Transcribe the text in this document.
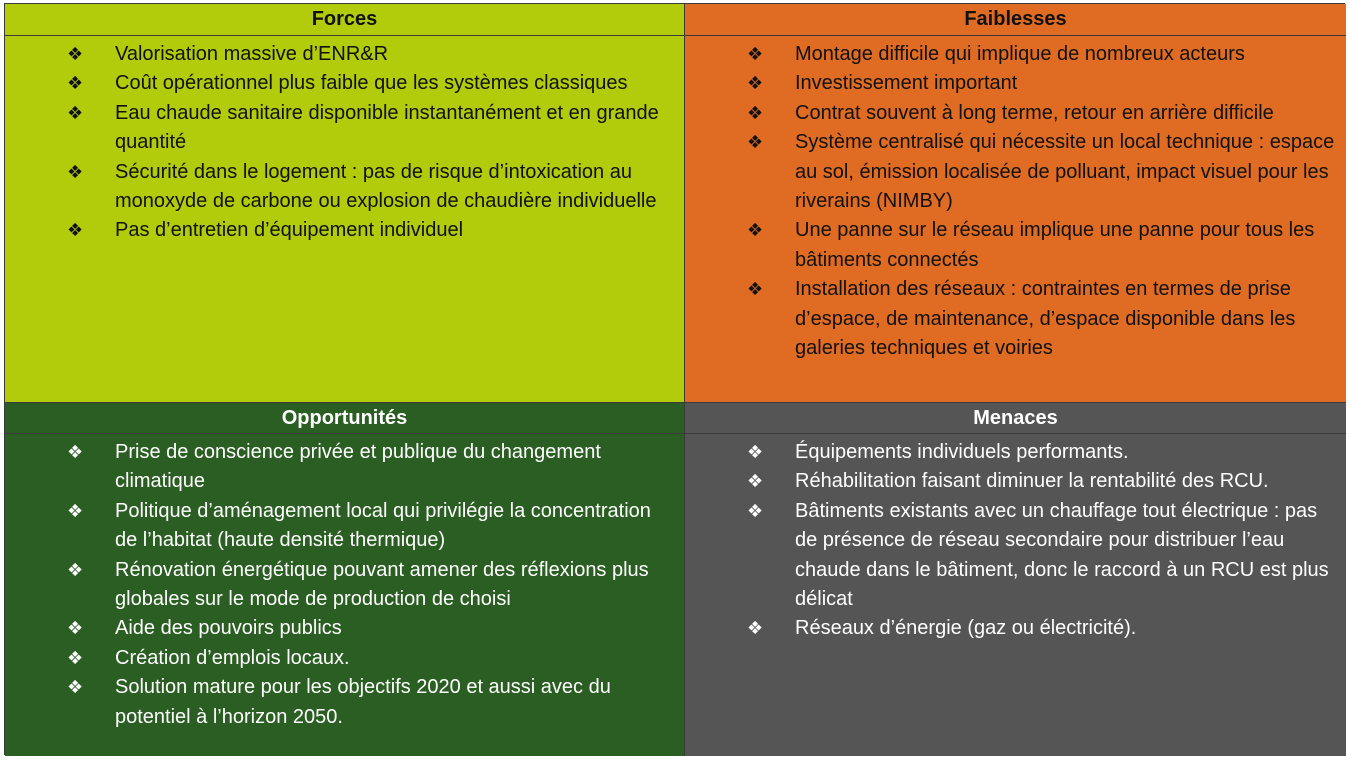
Forces	Faiblesses
❖ Valorisation massive d’ENR&R
❖ Coût opérationnel plus faible que les systèmes classiques
❖ Eau chaude sanitaire disponible instantanément et en grande quantité
❖ Sécurité dans le logement : pas de risque d’intoxication au monoxyde de carbone ou explosion de chaudière individuelle
❖ Pas d’entretien d’équipement individuel
❖ Montage difficile qui implique de nombreux acteurs
❖ Investissement important
❖ Contrat souvent à long terme, retour en arrière difficile
❖ Système centralisé qui nécessite un local technique : espace au sol, émission localisée de polluant, impact visuel pour les riverains (NIMBY)
❖ Une panne sur le réseau implique une panne pour tous les bâtiments connectés
❖ Installation des réseaux : contraintes en termes de prise d’espace, de maintenance, d’espace disponible dans les galeries techniques et voiries
Opportunités	Menaces
❖ Prise de conscience privée et publique du changement climatique
❖ Politique d’aménagement local qui privilégie la concentration de l’habitat (haute densité thermique)
❖ Rénovation énergétique pouvant amener des réflexions plus globales sur le mode de production de choisi
❖ Aide des pouvoirs publics
❖ Création d’emplois locaux.
❖ Solution mature pour les objectifs 2020 et aussi avec du potentiel à l’horizon 2050.
❖ Équipements individuels performants.
❖ Réhabilitation faisant diminuer la rentabilité des RCU.
❖ Bâtiments existants avec un chauffage tout électrique : pas de présence de réseau secondaire pour distribuer l’eau chaude dans le bâtiment, donc le raccord à un RCU est plus délicat
❖ Réseaux d’énergie (gaz ou électricité).
